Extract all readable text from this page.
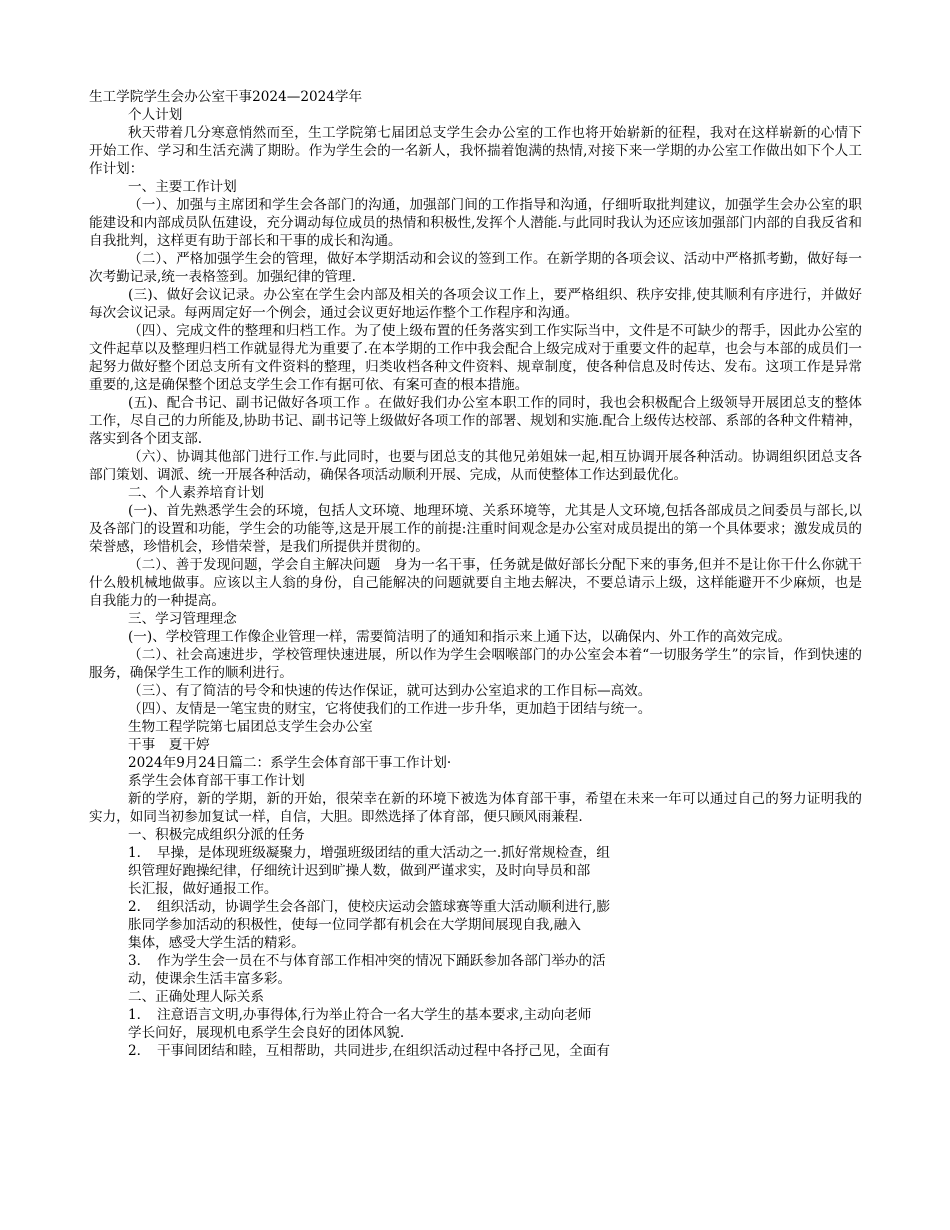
生工学院学生会办公室干事2024—2024学年

个人计划

秋天带着几分寒意悄然而至，生工学院第七届团总支学生会办公室的工作也将开始崭新的征程，我对在这样崭新的心情下开始工作、学习和生活充满了期盼。作为学生会的一名新人，我怀揣着饱满的热情,对接下来一学期的办公室工作做出如下个人工作计划：

一、主要工作计划

（一）、加强与主席团和学生会各部门的沟通，加强部门间的工作指导和沟通，仔细听取批判建议，加强学生会办公室的职能建设和内部成员队伍建设，充分调动每位成员的热情和积极性,发挥个人潜能.与此同时我认为还应该加强部门内部的自我反省和自我批判，这样更有助于部长和干事的成长和沟通。

（二）、严格加强学生会的管理，做好本学期活动和会议的签到工作。在新学期的各项会议、活动中严格抓考勤，做好每一次考勤记录,统一表格签到。加强纪律的管理.

(三)、做好会议记录。办公室在学生会内部及相关的各项会议工作上，要严格组织、秩序安排,使其顺利有序进行，并做好每次会议记录。每两周定好一个例会，通过会议更好地运作整个工作程序和沟通。

（四）、完成文件的整理和归档工作。为了使上级布置的任务落实到工作实际当中，文件是不可缺少的帮手，因此办公室的文件起草以及整理归档工作就显得尤为重要了.在本学期的工作中我会配合上级完成对于重要文件的起草，也会与本部的成员们一起努力做好整个团总支所有文件资料的整理，归类收档各种文件资料、规章制度，使各种信息及时传达、发布。这项工作是异常重要的,这是确保整个团总支学生会工作有据可依、有案可查的根本措施。

(五)、配合书记、副书记做好各项工作 。在做好我们办公室本职工作的同时，我也会积极配合上级领导开展团总支的整体工作，尽自己的力所能及,协助书记、副书记等上级做好各项工作的部署、规划和实施.配合上级传达校部、系部的各种文件精神，落实到各个团支部.

（六）、协调其他部门进行工作.与此同时，也要与团总支的其他兄弟姐妹一起,相互协调开展各种活动。协调组织团总支各部门策划、调派、统一开展各种活动，确保各项活动顺利开展、完成，从而使整体工作达到最优化。

二、个人素养培育计划

(一)、首先熟悉学生会的环境，包括人文环境、地理环境、关系环境等，尤其是人文环境,包括各部成员之间委员与部长,以及各部门的设置和功能，学生会的功能等,这是开展工作的前提:注重时间观念是办公室对成员提出的第一个具体要求；激发成员的荣誉感，珍惜机会，珍惜荣誉，是我们所提供并贯彻的。

（二）、善于发现问题，学会自主解决问题　身为一名干事，任务就是做好部长分配下来的事务,但并不是让你干什么你就干什么般机械地做事。应该以主人翁的身份，自己能解决的问题就要自主地去解决，不要总请示上级，这样能避开不少麻烦，也是自我能力的一种提高。

三、学习管理理念

(一)、学校管理工作像企业管理一样，需要简洁明了的通知和指示来上通下达，以确保内、外工作的高效完成。

（二）、社会高速进步，学校管理快速进展，所以作为学生会咽喉部门的办公室会本着“一切服务学生”的宗旨，作到快速的服务，确保学生工作的顺利进行。

（三）、有了简洁的号令和快速的传达作保证，就可达到办公室追求的工作目标—高效。

（四）、友情是一笔宝贵的财宝，它将使我们的工作进一步升华，更加趋于团结与统一。

生物工程学院第七届团总支学生会办公室

干事　夏干婷

2024年9月24日篇二：系学生会体育部干事工作计划·

系学生会体育部干事工作计划

新的学府，新的学期，新的开始，很荣幸在新的环境下被选为体育部干事，希望在未来一年可以通过自己的努力证明我的实力，如同当初参加复试一样，自信，大胆。即然选择了体育部，便只顾风雨兼程.

一、积极完成组织分派的任务

1．　早操，是体现班级凝聚力，增强班级团结的重大活动之一.抓好常规检查，组

织管理好跑操纪律，仔细统计迟到旷操人数，做到严谨求实，及时向导员和部

长汇报，做好通报工作。

2．　组织活动，协调学生会各部门，使校庆运动会篮球赛等重大活动顺利进行,膨

胀同学参加活动的积极性，使每一位同学都有机会在大学期间展现自我,融入

集体，感受大学生活的精彩。

3．　作为学生会一员在不与体育部工作相冲突的情况下踊跃参加各部门举办的活

动，使课余生活丰富多彩。

二、正确处理人际关系

1．　注意语言文明,办事得体,行为举止符合一名大学生的基本要求,主动向老师

学长问好，展现机电系学生会良好的团体风貌.

2．　干事间团结和睦，互相帮助，共同进步,在组织活动过程中各抒己见，全面有
